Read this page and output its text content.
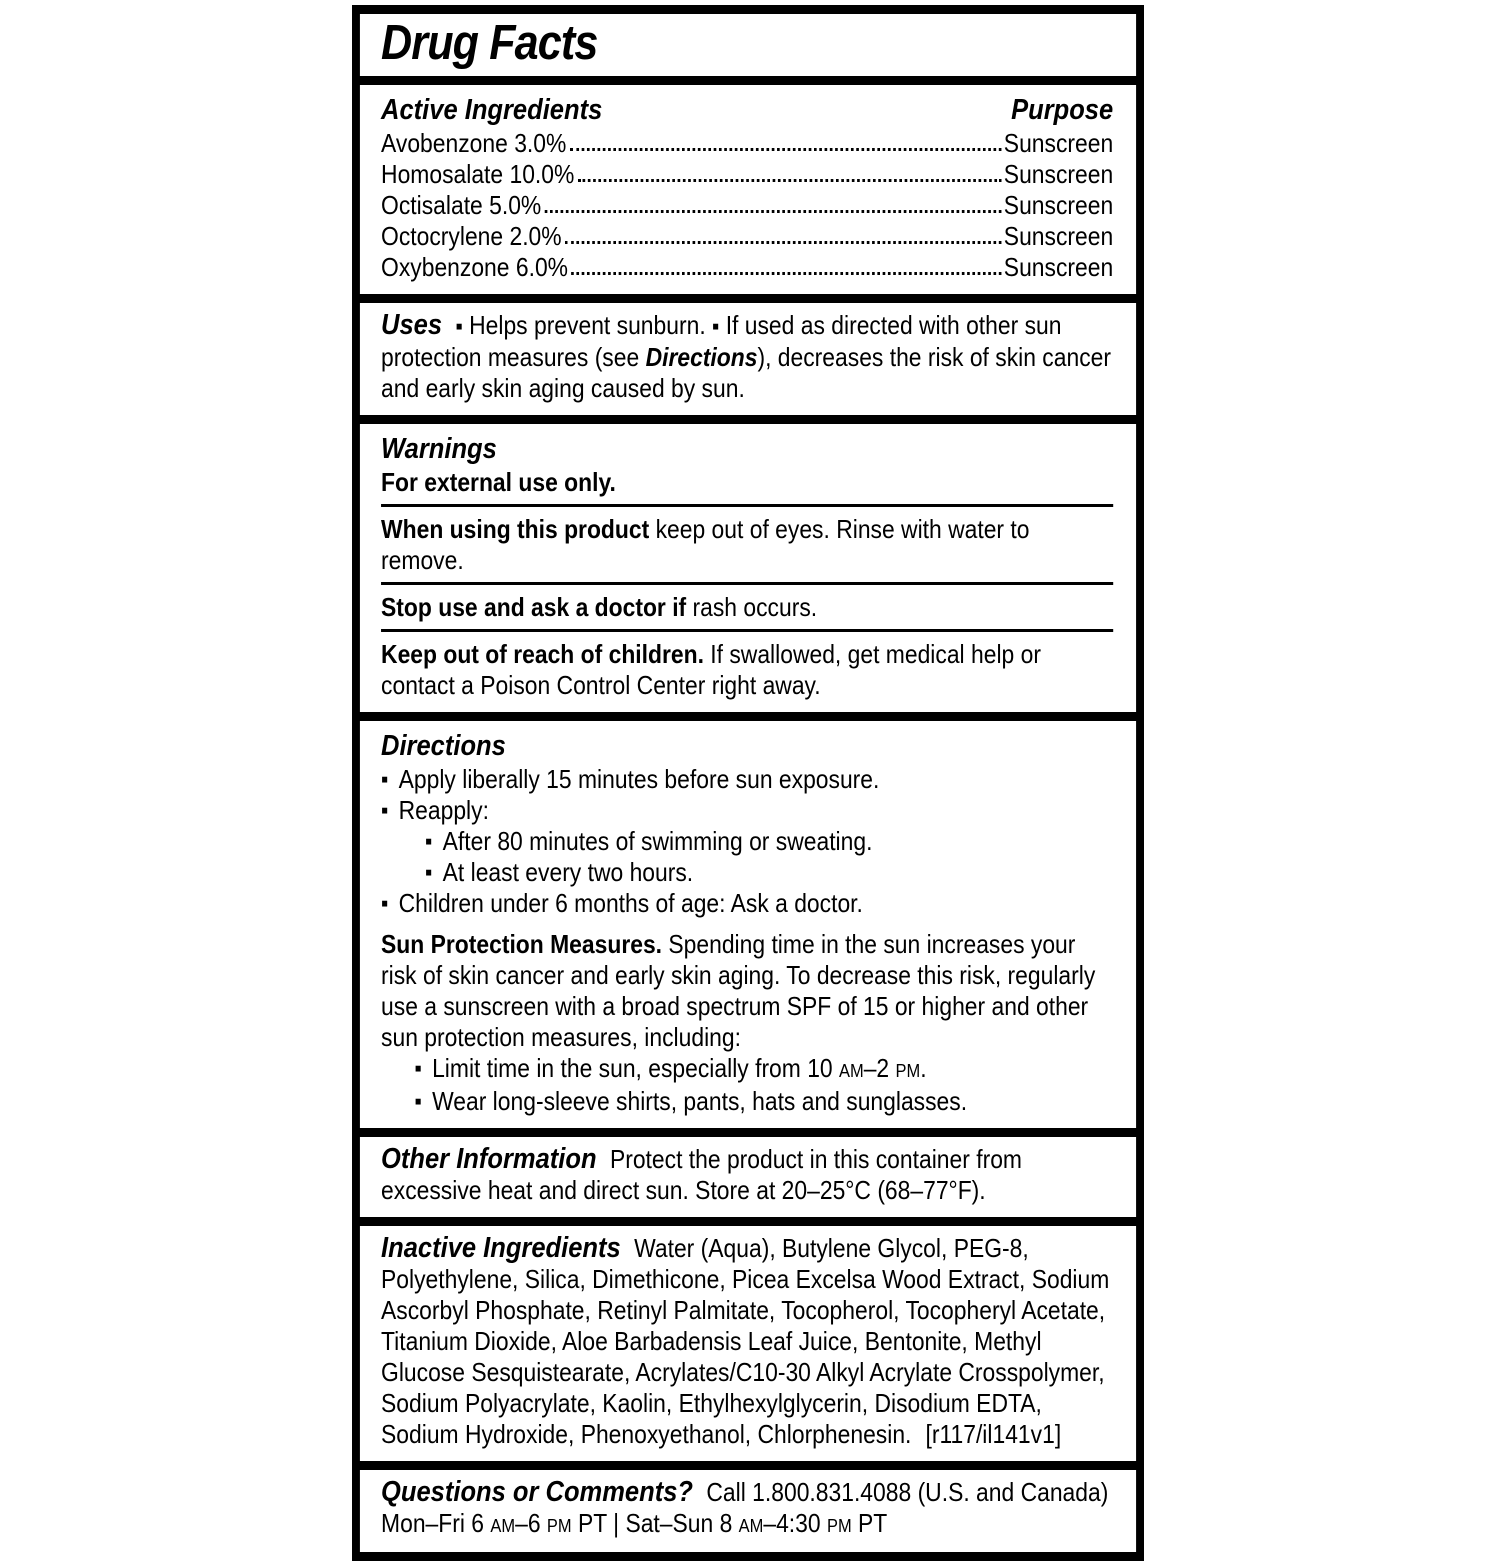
Drug Facts
Active Ingredients	Purpose
Avobenzone 3.0%	Sunscreen
Homosalate 10.0%	Sunscreen
Octisalate 5.0%	Sunscreen
Octocrylene 2.0%	Sunscreen
Oxybenzone 6.0%	Sunscreen

Uses ▪ Helps prevent sunburn. ▪ If used as directed with other sun protection measures (see Directions), decreases the risk of skin cancer and early skin aging caused by sun.

Warnings

For external use only.

When using this product keep out of eyes. Rinse with water to remove.

Stop use and ask a doctor if rash occurs.

Keep out of reach of children. If swallowed, get medical help or contact a Poison Control Center right away.

Directions
▪ Apply liberally 15 minutes before sun exposure.
▪ Reapply:
▪ After 80 minutes of swimming or sweating.
▪ At least every two hours.
▪ Children under 6 months of age: Ask a doctor.

Sun Protection Measures. Spending time in the sun increases your risk of skin cancer and early skin aging. To decrease this risk, regularly use a sunscreen with a broad spectrum SPF of 15 or higher and other sun protection measures, including:

▪ Limit time in the sun, especially from 10 AM–2 PM.
▪ Wear long-sleeve shirts, pants, hats and sunglasses.

Other Information Protect the product in this container from excessive heat and direct sun. Store at 20–25°C (68–77°F).

Inactive Ingredients Water (Aqua), Butylene Glycol, PEG-8, Polyethylene, Silica, Dimethicone, Picea Excelsa Wood Extract, Sodium Ascorbyl Phosphate, Retinyl Palmitate, Tocopherol, Tocopheryl Acetate, Titanium Dioxide, Aloe Barbadensis Leaf Juice, Bentonite, Methyl Glucose Sesquistearate, Acrylates/C10-30 Alkyl Acrylate Crosspolymer, Sodium Polyacrylate, Kaolin, Ethylhexylglycerin, Disodium EDTA, Sodium Hydroxide, Phenoxyethanol, Chlorphenesin. [r117/il141v1]

Questions or Comments? Call 1.800.831.4088 (U.S. and Canada)

Mon–Fri 6 AM–6 PM PT | Sat–Sun 8 AM–4:30 PM PT
